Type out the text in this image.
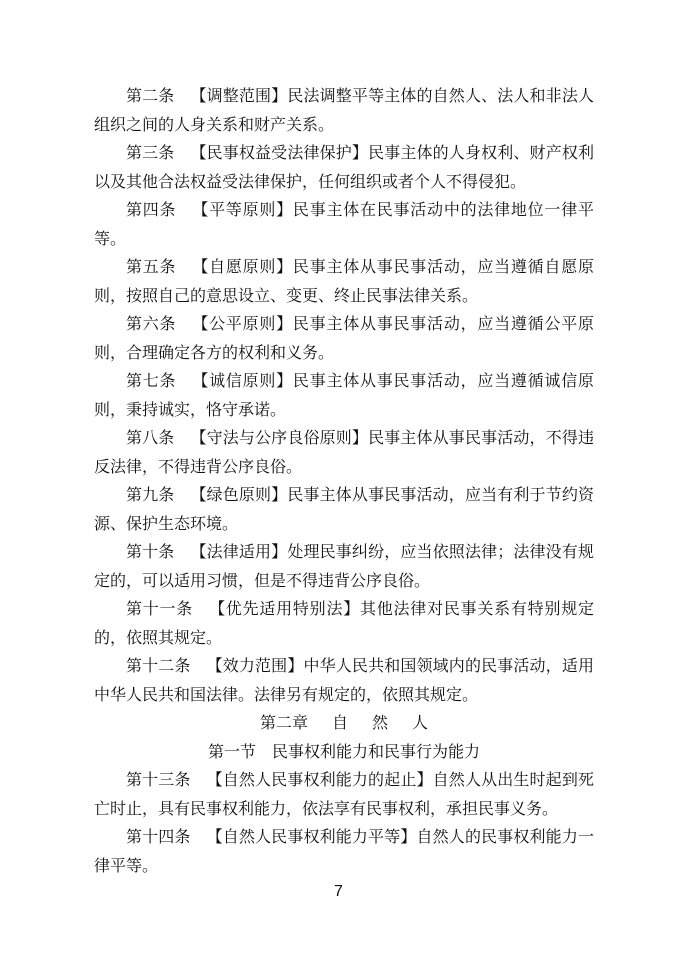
第二条 【调整范围】民法调整平等主体的自然人、法人和非法人组织之间的人身关系和财产关系。

第三条 【民事权益受法律保护】民事主体的人身权利、财产权利以及其他合法权益受法律保护，任何组织或者个人不得侵犯。

第四条 【平等原则】民事主体在民事活动中的法律地位一律平等。

第五条 【自愿原则】民事主体从事民事活动，应当遵循自愿原则，按照自己的意思设立、变更、终止民事法律关系。

第六条 【公平原则】民事主体从事民事活动，应当遵循公平原则，合理确定各方的权利和义务。

第七条 【诚信原则】民事主体从事民事活动，应当遵循诚信原则，秉持诚实，恪守承诺。

第八条 【守法与公序良俗原则】民事主体从事民事活动，不得违反法律，不得违背公序良俗。

第九条 【绿色原则】民事主体从事民事活动，应当有利于节约资源、保护生态环境。

第十条 【法律适用】处理民事纠纷，应当依照法律；法律没有规定的，可以适用习惯，但是不得违背公序良俗。

第十一条 【优先适用特别法】其他法律对民事关系有特别规定的，依照其规定。

第十二条 【效力范围】中华人民共和国领域内的民事活动，适用中华人民共和国法律。法律另有规定的，依照其规定。

第二章 自 然 人

第一节 民事权利能力和民事行为能力

第十三条 【自然人民事权利能力的起止】自然人从出生时起到死亡时止，具有民事权利能力，依法享有民事权利，承担民事义务。

第十四条 【自然人民事权利能力平等】自然人的民事权利能力一律平等。

7
